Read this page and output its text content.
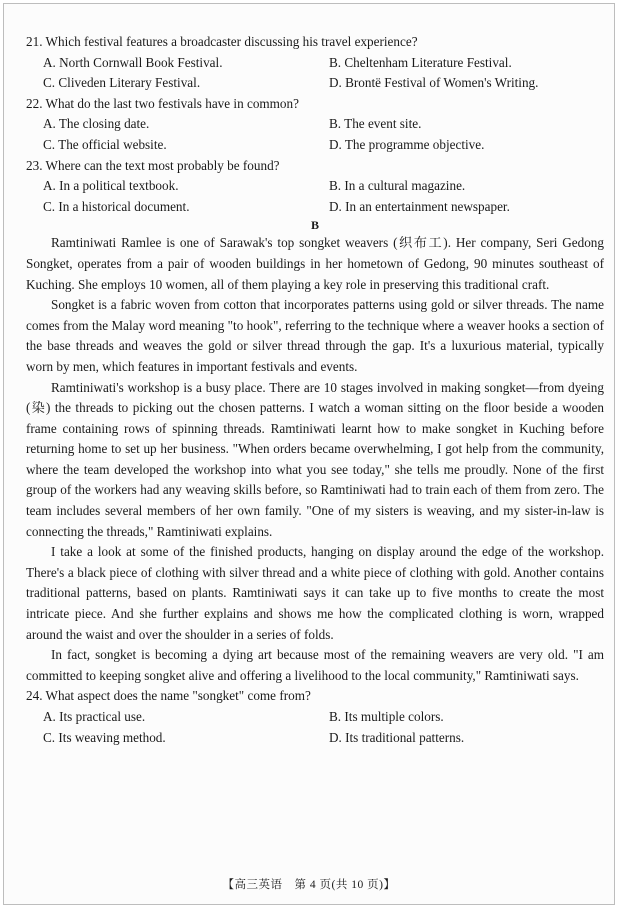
21. Which festival features a broadcaster discussing his travel experience?

A. North Cornwall Book Festival.	B. Cheltenham Literature Festival.
C. Cliveden Literary Festival.	D. Brontë Festival of Women's Writing.

22. What do the last two festivals have in common?

A. The closing date.	B. The event site.
C. The official website.	D. The programme objective.

23. Where can the text most probably be found?

A. In a political textbook.	B. In a cultural magazine.
C. In a historical document.	D. In an entertainment newspaper.

B

Ramtiniwati Ramlee is one of Sarawak's top songket weavers (织布工). Her company, Seri Gedong Songket, operates from a pair of wooden buildings in her hometown of Gedong, 90 minutes southeast of Kuching. She employs 10 women, all of them playing a key role in preserving this traditional craft.

Songket is a fabric woven from cotton that incorporates patterns using gold or silver threads. The name comes from the Malay word meaning "to hook", referring to the technique where a weaver hooks a section of the base threads and weaves the gold or silver thread through the gap. It's a luxurious material, typically worn by men, which features in important festivals and events.

Ramtiniwati's workshop is a busy place. There are 10 stages involved in making songket—from dyeing (染) the threads to picking out the chosen patterns. I watch a woman sitting on the floor beside a wooden frame containing rows of spinning threads. Ramtiniwati learnt how to make songket in Kuching before returning home to set up her business. "When orders became overwhelming, I got help from the community, where the team developed the workshop into what you see today," she tells me proudly. None of the first group of the workers had any weaving skills before, so Ramtiniwati had to train each of them from zero. The team includes several members of her own family. "One of my sisters is weaving, and my sister-in-law is connecting the threads," Ramtiniwati explains.

I take a look at some of the finished products, hanging on display around the edge of the workshop. There's a black piece of clothing with silver thread and a white piece of clothing with gold. Another contains traditional patterns, based on plants. Ramtiniwati says it can take up to five months to create the most intricate piece. And she further explains and shows me how the complicated clothing is worn, wrapped around the waist and over the shoulder in a series of folds.

In fact, songket is becoming a dying art because most of the remaining weavers are very old. "I am committed to keeping songket alive and offering a livelihood to the local community," Ramtiniwati says.

24. What aspect does the name "songket" come from?

A. Its practical use.	B. Its multiple colors.
C. Its weaving method.	D. Its traditional patterns.
【高三英语　第 4 页(共 10 页)】
